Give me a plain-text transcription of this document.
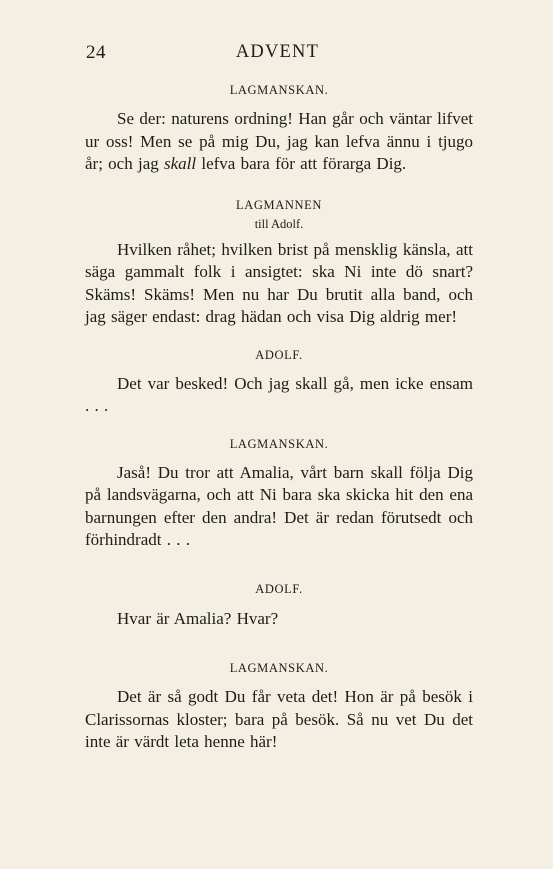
24	ADVENT

LAGMANSKAN.

Se der: naturens ordning! Han går och väntar lifvet ur oss! Men se på mig Du, jag kan lefva ännu i tjugo år; och jag skall lefva bara för att förarga Dig.

LAGMANNEN

till Adolf.

Hvilken råhet; hvilken brist på mensklig känsla, att säga gammalt folk i ansigtet: ska Ni inte dö snart? Skäms! Skäms! Men nu har Du brutit alla band, och jag säger endast: drag hädan och visa Dig aldrig mer!

ADOLF.

Det var besked! Och jag skall gå, men icke ensam . . .

LAGMANSKAN.

Jaså! Du tror att Amalia, vårt barn skall följa Dig på landsvägarna, och att Ni bara ska skicka hit den ena barnungen efter den andra! Det är redan förutsedt och förhindradt . . .

ADOLF.

Hvar är Amalia? Hvar?

LAGMANSKAN.

Det är så godt Du får veta det! Hon är på besök i Clarissornas kloster; bara på besök. Så nu vet Du det inte är värdt leta henne här!
